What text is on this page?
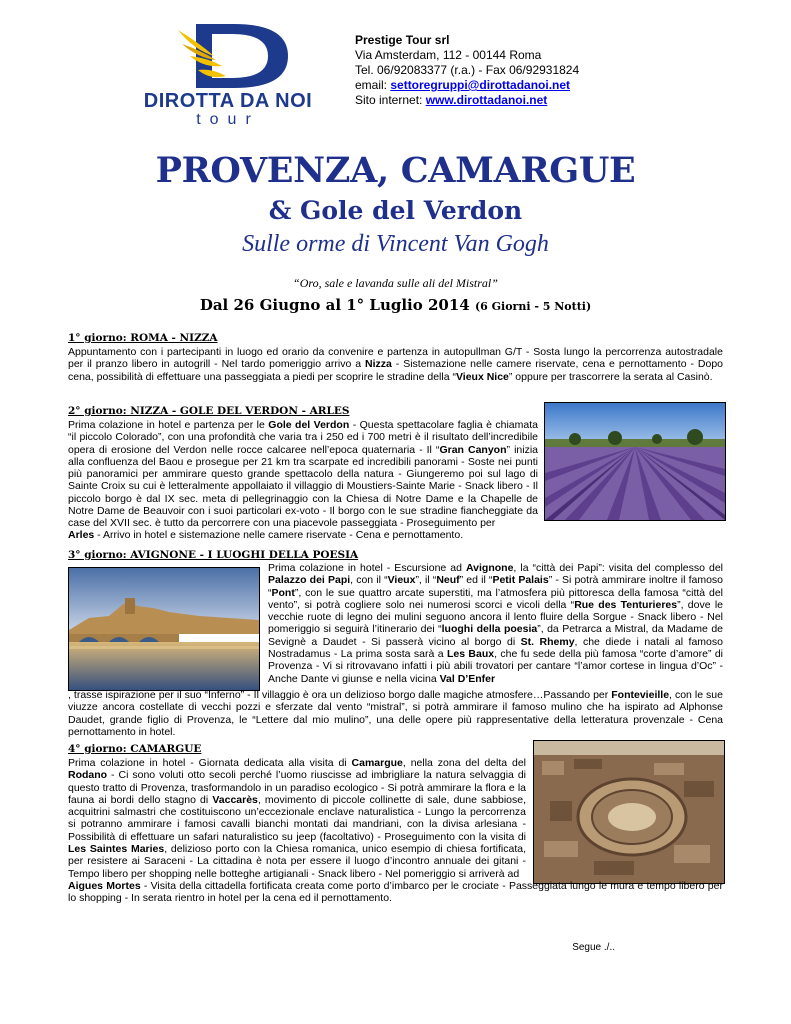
DIROTTA DA NOI
tour
Prestige Tour srl
Via Amsterdam, 112 - 00144 Roma
Tel. 06/92083377 (r.a.) - Fax 06/92931824
email: settoregruppi@dirottadanoi.net
Sito internet: www.dirottadanoi.net
PROVENZA, CAMARGUE
& Gole del Verdon
Sulle orme di Vincent Van Gogh
“Oro, sale e lavanda sulle ali del Mistral”
Dal 26 Giugno al 1° Luglio 2014 (6 Giorni - 5 Notti)
1° giorno: ROMA - NIZZA
Appuntamento con i partecipanti in luogo ed orario da convenire e partenza in autopullman G/T - Sosta lungo la percorrenza autostradale per il pranzo libero in autogrill - Nel tardo pomeriggio arrivo a Nizza - Sistemazione nelle camere riservate, cena e pernottamento - Dopo cena, possibilità di effettuare una passeggiata a piedi per scoprire le stradine della “Vieux Nice” oppure per trascorrere la serata al Casinò.
2° giorno: NIZZA - GOLE DEL VERDON - ARLES
Prima colazione in hotel e partenza per le Gole del Verdon - Questa spettacolare faglia è chiamata “il piccolo Colorado”, con una profondità che varia tra i 250 ed i 700 metri è il risultato dell’incredibile opera di erosione del Verdon nelle rocce calcaree nell’epoca quaternaria - Il “Gran Canyon” inizia alla confluenza del Baou e prosegue per 21 km tra scarpate ed incredibili panorami - Soste nei punti più panoramici per ammirare questo grande spettacolo della natura - Giungeremo poi sul lago di Sainte Croix su cui è letteralmente appollaiato il villaggio di Moustiers-Sainte Marie - Snack libero - Il piccolo borgo è dal IX sec. meta di pellegrinaggio con la Chiesa di Notre Dame e la Chapelle de Notre Dame de Beauvoir con i suoi particolari ex-voto - Il borgo con le sue stradine fiancheggiate da case del XVII sec. è tutto da percorrere con una piacevole passeggiata - Proseguimento per
Arles - Arrivo in hotel e sistemazione nelle camere riservate - Cena e pernottamento.
3° giorno: AVIGNONE - I LUOGHI DELLA POESIA
Prima colazione in hotel - Escursione ad Avignone, la “città dei Papi”: visita del complesso del Palazzo dei Papi, con il “Vieux”, il “Neuf” ed il “Petit Palais” - Si potrà ammirare inoltre il famoso “Pont”, con le sue quattro arcate superstiti, ma l’atmosfera più pittoresca della famosa “città del vento”, si potrà cogliere solo nei numerosi scorci e vicoli della “Rue des Tenturieres”, dove le vecchie ruote di legno dei mulini seguono ancora il lento fluire della Sorgue - Snack libero - Nel pomeriggio si seguirà l’itinerario dei “luoghi della poesia”, da Petrarca a Mistral, da Madame de Sevignè a Daudet - Si passerà vicino al borgo di St. Rhemy, che diede i natali al famoso Nostradamus - La prima sosta sarà a Les Baux, che fu sede della più famosa “corte d’amore” di Provenza - Vi si ritrovavano infatti i più abili trovatori per cantare “l’amor cortese in lingua d’Oc” - Anche Dante vi giunse e nella vicina Val D’Enfer
, trasse ispirazione per il suo “Inferno” - Il villaggio è ora un delizioso borgo dalle magiche atmosfere…Passando per Fontevieille, con le sue viuzze ancora costellate di vecchi pozzi e sferzate dal vento “mistral”, si potrà ammirare il famoso mulino che ha ispirato ad Alphonse Daudet, grande figlio di Provenza, le “Lettere dal mio mulino”, una delle opere più rappresentative della letteratura provenzale - Cena pernottamento in hotel.
4° giorno: CAMARGUE
Prima colazione in hotel - Giornata dedicata alla visita di Camargue, nella zona del delta del Rodano - Ci sono voluti otto secoli perché l’uomo riuscisse ad imbrigliare la natura selvaggia di questo tratto di Provenza, trasformandolo in un paradiso ecologico - Si potrà ammirare la flora e la fauna ai bordi dello stagno di Vaccarès, movimento di piccole collinette di sale, dune sabbiose, acquitrini salmastri che costituiscono un’eccezionale enclave naturalistica - Lungo la percorrenza si potranno ammirare i famosi cavalli bianchi montati dai mandriani, con la divisa arlesiana - Possibilità di effettuare un safari naturalistico su jeep (facoltativo) - Proseguimento con la visita di Les Saintes Maries, delizioso porto con la Chiesa romanica, unico esempio di chiesa fortificata, per resistere ai Saraceni - La cittadina è nota per essere il luogo d’incontro annuale dei gitani - Tempo libero per shopping nelle botteghe artigianali - Snack libero - Nel pomeriggio si arriverà ad
Aigues Mortes - Visita della cittadella fortificata creata come porto d’imbarco per le crociate - Passeggiata lungo le mura e tempo libero per lo shopping - In serata rientro in hotel per la cena ed il pernottamento.
Segue ./..
